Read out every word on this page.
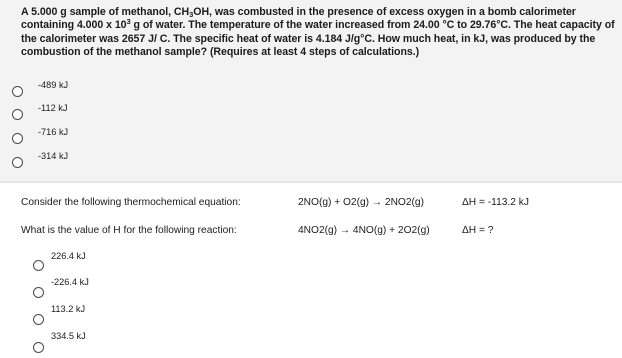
A 5.000 g sample of methanol, CH3OH, was combusted in the presence of excess oxygen in a bomb calorimeter containing 4.000 x $10^3$ g of water. The temperature of the water increased from 24.00 °C to 29.76°C. The heat capacity of the calorimeter was 2657 J/ C. The specific heat of water is 4.184 J/g°C. How much heat, in kJ, was produced by the combustion of the methanol sample? (Requires at least 4 steps of calculations.)
-489 kJ
-112 kJ
-716 kJ
-314 kJ
Consider the following thermochemical equation:	2NO(g) + O2(g) → 2NO2(g)	ΔH = -113.2 kJ
What is the value of H for the following reaction:	4NO2(g) → 4NO(g) + 2O2(g)	ΔH = ?
226.4 kJ
-226.4 kJ
113.2 kJ
334.5 kJ
